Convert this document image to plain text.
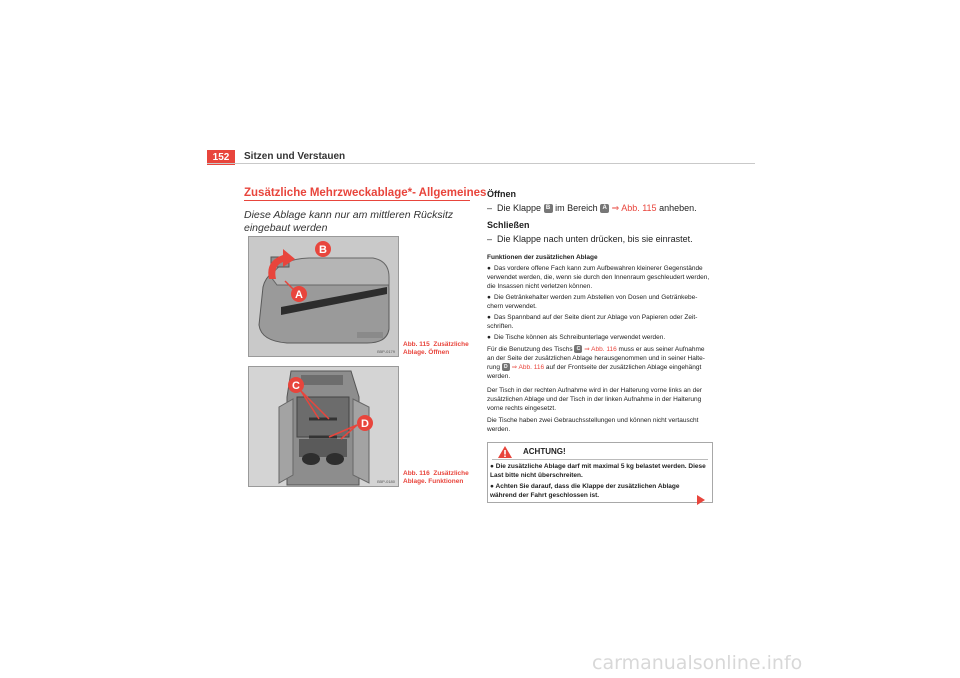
152	Sitzen und Verstauen
Zusätzliche Mehrzweckablage*- Allgemeines
Diese Ablage kann nur am mittleren Rücksitz eingebaut werden
B
A
B5P-0179
Abb. 115 Zusätzliche Ablage. Öffnen
C
D
B5P-0180
Abb. 116 Zusätzliche Ablage. Funktionen
Öffnen
– Die Klappe B im Bereich A ⇒ Abb. 115 anheben.
Schließen
– Die Klappe nach unten drücken, bis sie einrastet.
Funktionen der zusätzlichen Ablage
● Das vordere offene Fach kann zum Aufbewahren kleinerer Gegenstände verwendet werden, die, wenn sie durch den Innenraum geschleudert werden, die Insassen nicht verletzen können.
● Die Getränkehalter werden zum Abstellen von Dosen und Getränkebe-chern verwendet.
● Das Spannband auf der Seite dient zur Ablage von Papieren oder Zeit-schriften.
● Die Tische können als Schreibunterlage verwendet werden.
Für die Benutzung des Tischs C ⇒ Abb. 116 muss er aus seiner Aufnahme an der Seite der zusätzlichen Ablage herausgenommen und in seiner Halte-rung D ⇒ Abb. 116 auf der Frontseite der zusätzlichen Ablage eingehängt werden.
Der Tisch in der rechten Aufnahme wird in der Halterung vorne links an der zusätzlichen Ablage und der Tisch in der linken Aufnahme in der Halterung vorne rechts eingesetzt.
Die Tische haben zwei Gebrauchsstellungen und können nicht vertauscht werden.
ACHTUNG!
● Die zusätzliche Ablage darf mit maximal 5 kg belastet werden. Diese Last bitte nicht überschreiten.
● Achten Sie darauf, dass die Klappe der zusätzlichen Ablage während der Fahrt geschlossen ist.
carmanualsonline.info
